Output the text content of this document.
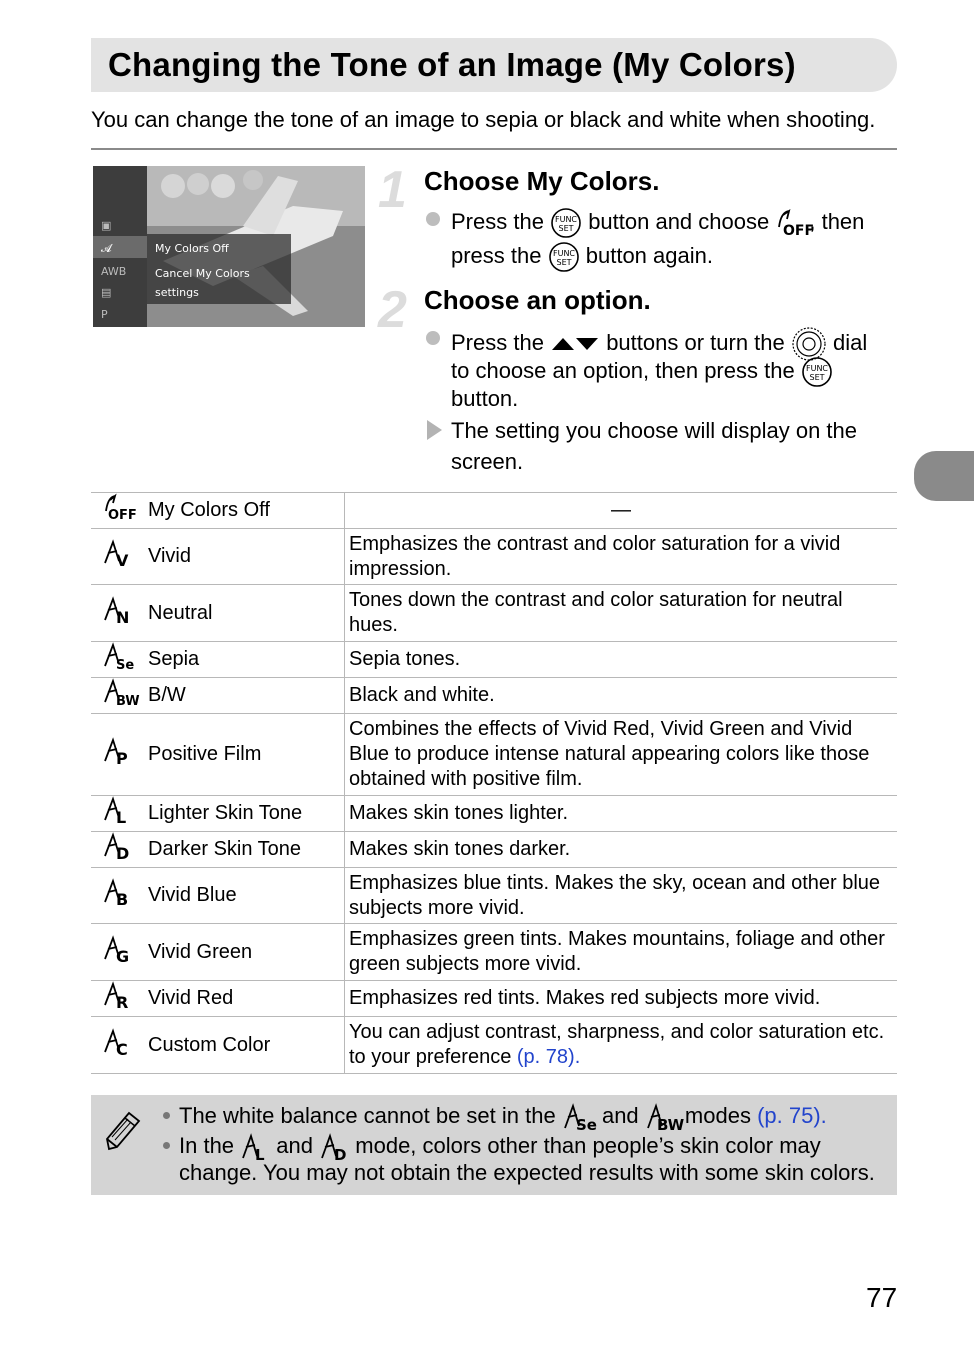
Changing the Tone of an Image (My Colors)
You can change the tone of an image to sepia or black and white when shooting.
▣
𝓐
AWB
▤
P
My Colors Off
Cancel My Colors
settings
1 Choose My Colors.
Press the FUNC
SET button and choose OFF
, then
press the FUNC
SET button again.
2 Choose an option.
Press the	buttons or turn the dial
to choose an option, then press the FUNC
SET
button.
The setting you choose will display on the
screen.
OFF My Colors Off	—

V Vivid	Emphasizes the contrast and color saturation for a vivid impression.

N Neutral	Tones down the contrast and color saturation for neutral hues.

Se Sepia	Sepia tones.

BW B/W	Black and white.

P Positive Film	Combines the effects of Vivid Red, Vivid Green and Vivid Blue to produce intense natural appearing colors like those obtained with positive film.

L Lighter Skin Tone	Makes skin tones lighter.

D Darker Skin Tone	Makes skin tones darker.

B Vivid Blue	Emphasizes blue tints. Makes the sky, ocean and other blue subjects more vivid.

G Vivid Green	Emphasizes green tints. Makes mountains, foliage and other green subjects more vivid.

R Vivid Red	Emphasizes red tints. Makes red subjects more vivid.

C Custom Color	You can adjust contrast, sharpness, and color saturation etc. to your preference (p. 78).
The white balance cannot be set in the Se and BW modes (p. 75).
In the L and D mode, colors other than people’s skin color may
change. You may not obtain the expected results with some skin colors.
77
